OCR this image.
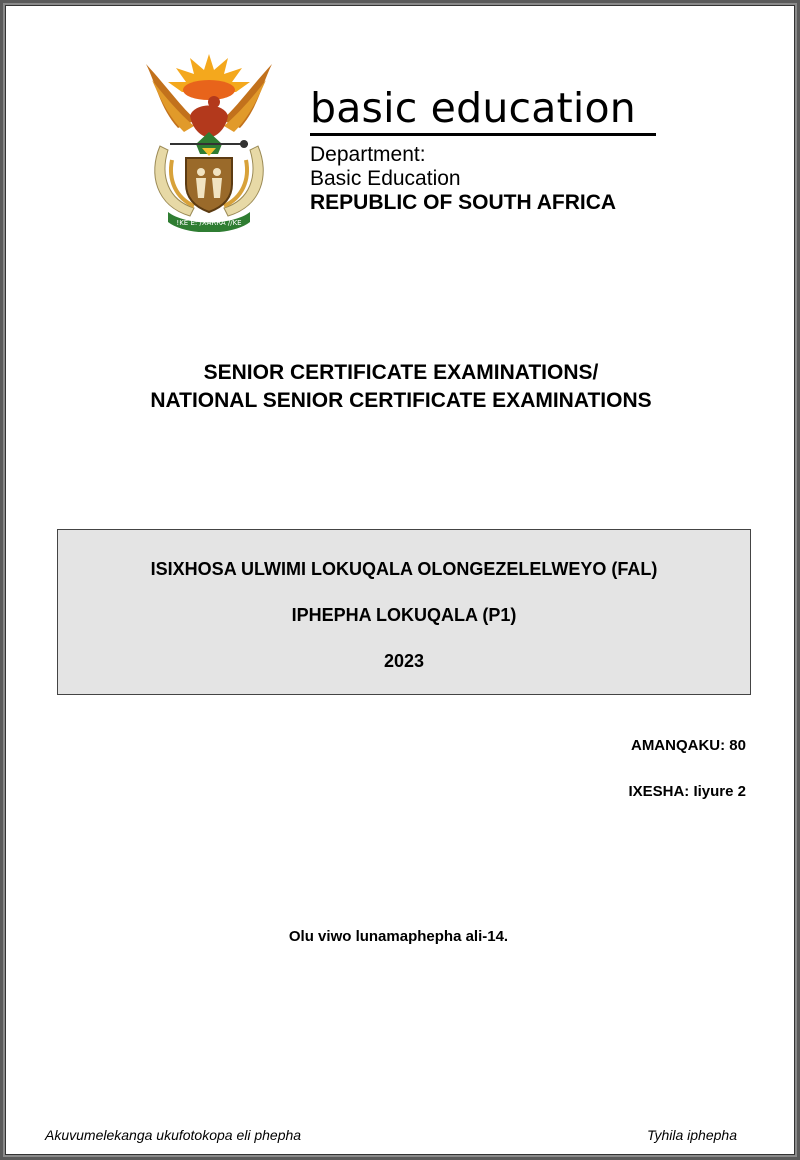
!KE E: /XARRA //KE
basic education
Department:
Basic Education
REPUBLIC OF SOUTH AFRICA
SENIOR CERTIFICATE EXAMINATIONS/
NATIONAL SENIOR CERTIFICATE EXAMINATIONS
ISIXHOSA ULWIMI LOKUQALA OLONGEZELELWEYO (FAL)
IPHEPHA LOKUQALA (P1)
2023
AMANQAKU: 80
IXESHA: Iiyure 2
Olu viwo lunamaphepha ali-14.
Akuvumelekanga ukufotokopa eli phepha	Tyhila iphepha
